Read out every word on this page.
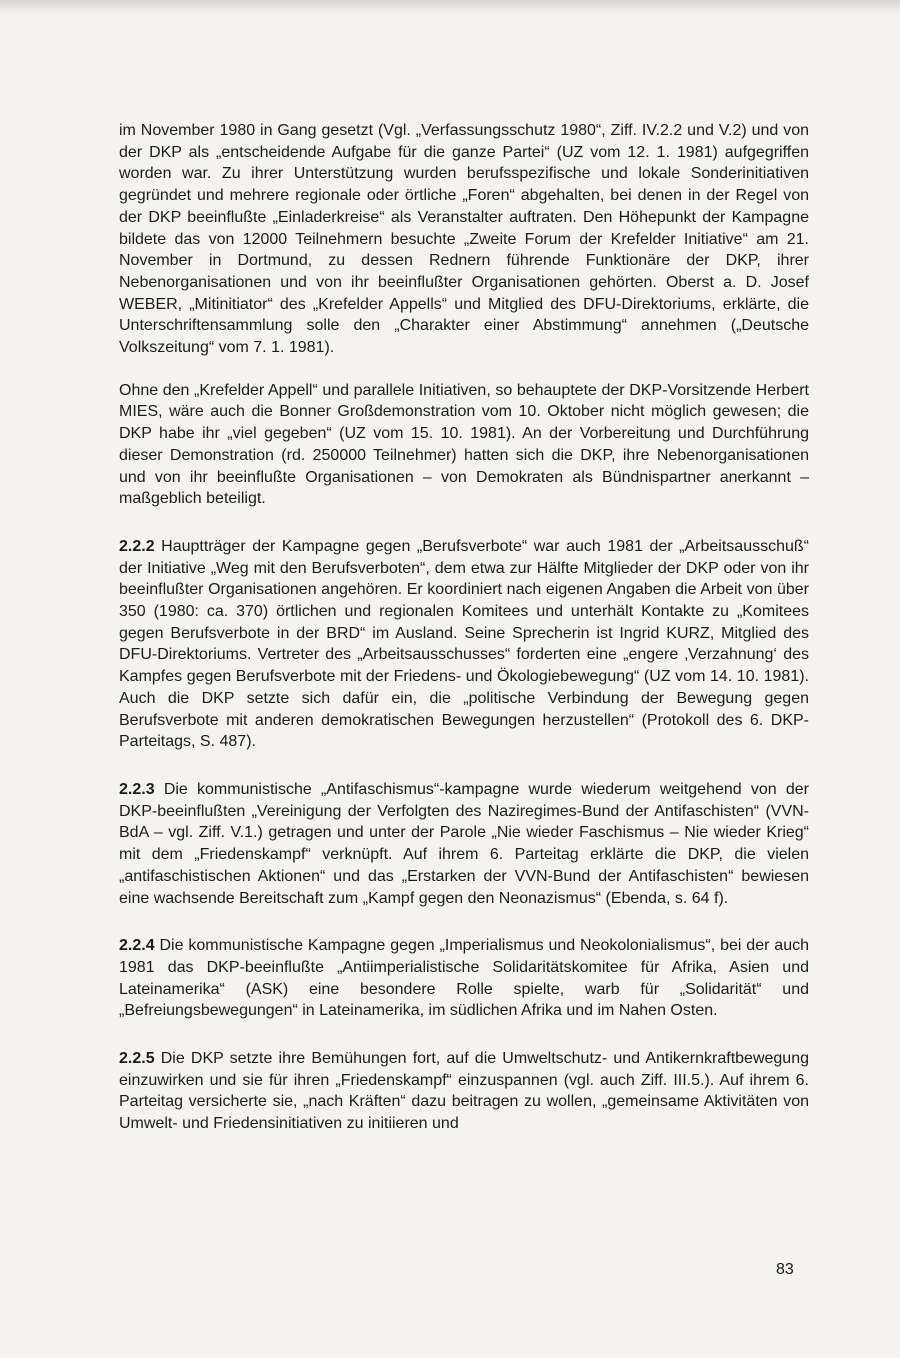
im November 1980 in Gang gesetzt (Vgl. „Verfassungsschutz 1980“, Ziff. IV.2.2 und V.2) und von der DKP als „entscheidende Aufgabe für die ganze Partei“ (UZ vom 12. 1. 1981) aufgegriffen worden war. Zu ihrer Unterstützung wurden berufsspezifische und lokale Sonderinitiativen gegründet und mehrere regionale oder örtliche „Foren“ abgehalten, bei denen in der Regel von der DKP beeinflußte „Einladerkreise“ als Veranstalter auftraten. Den Höhepunkt der Kampagne bildete das von 12000 Teilnehmern besuchte „Zweite Forum der Krefelder Initiative“ am 21. November in Dortmund, zu dessen Rednern führende Funktionäre der DKP, ihrer Nebenorganisationen und von ihr beeinflußter Organisationen gehörten. Oberst a. D. Josef WEBER, „Mitinitiator“ des „Krefelder Appells“ und Mitglied des DFU-Direktoriums, erklärte, die Unterschriftensammlung solle den „Charakter einer Abstimmung“ annehmen („Deutsche Volkszeitung“ vom 7. 1. 1981).

Ohne den „Krefelder Appell“ und parallele Initiativen, so behauptete der DKP-Vorsitzende Herbert MIES, wäre auch die Bonner Großdemonstration vom 10. Oktober nicht möglich gewesen; die DKP habe ihr „viel gegeben“ (UZ vom 15. 10. 1981). An der Vorbereitung und Durchführung dieser Demonstration (rd. 250000 Teilnehmer) hatten sich die DKP, ihre Nebenorganisationen und von ihr beeinflußte Organisationen – von Demokraten als Bündnispartner anerkannt – maßgeblich beteiligt.

2.2.2 Hauptträger der Kampagne gegen „Berufsverbote“ war auch 1981 der „Arbeitsausschuß“ der Initiative „Weg mit den Berufsverboten“, dem etwa zur Hälfte Mitglieder der DKP oder von ihr beeinflußter Organisationen angehören. Er koordiniert nach eigenen Angaben die Arbeit von über 350 (1980: ca. 370) örtlichen und regionalen Komitees und unterhält Kontakte zu „Komitees gegen Berufsverbote in der BRD“ im Ausland. Seine Sprecherin ist Ingrid KURZ, Mitglied des DFU-Direktoriums. Vertreter des „Arbeitsausschusses“ forderten eine „engere ‚Verzahnung‘ des Kampfes gegen Berufsverbote mit der Friedens- und Ökologiebewegung“ (UZ vom 14. 10. 1981). Auch die DKP setzte sich dafür ein, die „politische Verbindung der Bewegung gegen Berufsverbote mit anderen demokratischen Bewegungen herzustellen“ (Protokoll des 6. DKP-Parteitags, S. 487).

2.2.3 Die kommunistische „Antifaschismus“-kampagne wurde wiederum weitgehend von der DKP-beeinflußten „Vereinigung der Verfolgten des Naziregimes-Bund der Antifaschisten“ (VVN-BdA – vgl. Ziff. V.1.) getragen und unter der Parole „Nie wieder Faschismus – Nie wieder Krieg“ mit dem „Friedenskampf“ verknüpft. Auf ihrem 6. Parteitag erklärte die DKP, die vielen „antifaschistischen Aktionen“ und das „Erstarken der VVN-Bund der Antifaschisten“ bewiesen eine wachsende Bereitschaft zum „Kampf gegen den Neonazismus“ (Ebenda, s. 64 f).

2.2.4 Die kommunistische Kampagne gegen „Imperialismus und Neokolonialismus“, bei der auch 1981 das DKP-beeinflußte „Antiimperialistische Solidaritätskomitee für Afrika, Asien und Lateinamerika“ (ASK) eine besondere Rolle spielte, warb für „Solidarität“ und „Befreiungsbewegungen“ in Lateinamerika, im südlichen Afrika und im Nahen Osten.

2.2.5 Die DKP setzte ihre Bemühungen fort, auf die Umweltschutz- und Antikernkraftbewegung einzuwirken und sie für ihren „Friedenskampf“ einzuspannen (vgl. auch Ziff. III.5.). Auf ihrem 6. Parteitag versicherte sie, „nach Kräften“ dazu beitragen zu wollen, „gemeinsame Aktivitäten von Umwelt- und Friedensinitiativen zu initiieren und

83
